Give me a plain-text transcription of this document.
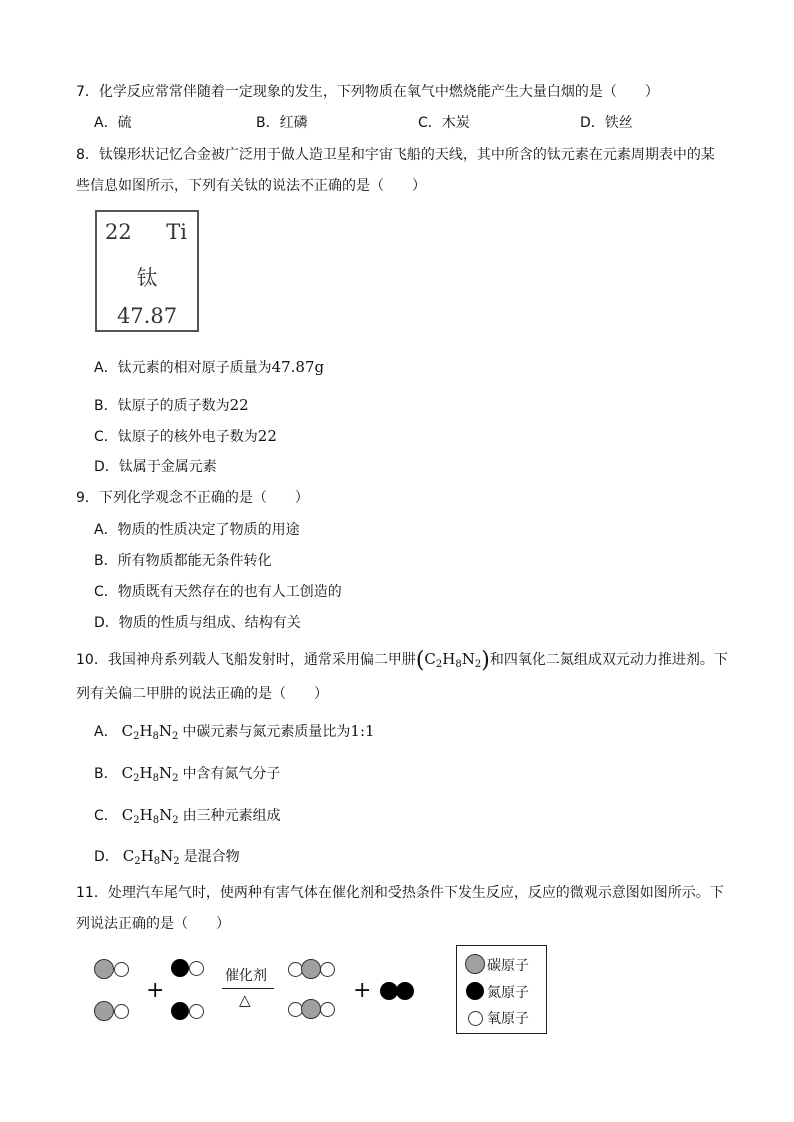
7．化学反应常常伴随着一定现象的发生，下列物质在氧气中燃烧能产生大量白烟的是（　　）
A．硫	B．红磷	C．木炭	D．铁丝
8．钛镍形状记忆合金被广泛用于做人造卫星和宇宙飞船的天线，其中所含的钛元素在元素周期表中的某
些信息如图所示，下列有关钛的说法不正确的是（　　）
22 Ti
钛
47.87
A．钛元素的相对原子质量为47.87g
B．钛原子的质子数为22
C．钛原子的核外电子数为22
D．钛属于金属元素
9．下列化学观念不正确的是（　　）
A．物质的性质决定了物质的用途
B．所有物质都能无条件转化
C．物质既有天然存在的也有人工创造的
D．物质的性质与组成、结构有关
10．我国神舟系列载人飞船发射时，通常采用偏二甲肼$(C_2H_8N_2)$和四氧化二氮组成双元动力推进剂。下
列有关偏二甲肼的说法正确的是（　　）
A． $C_2H_8N_2$ 中碳元素与氮元素质量比为1:1
B． $C_2H_8N_2$ 中含有氮气分子
C． $C_2H_8N_2$ 由三种元素组成
D． $C_2H_8N_2$ 是混合物
11．处理汽车尾气时，使两种有害气体在催化剂和受热条件下发生反应，反应的微观示意图如图所示。下
列说法正确的是（　　）
+
催化剂
△	+
碳原子
氮原子
氧原子
